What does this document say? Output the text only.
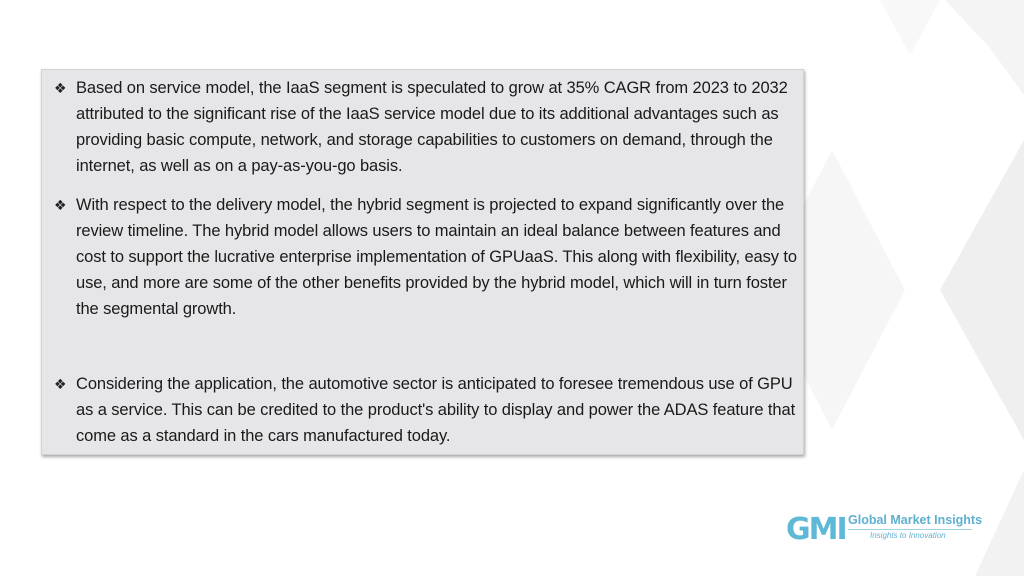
❖ Based on service model, the IaaS segment is speculated to grow at 35% CAGR from 2023 to 2032 attributed to the significant rise of the IaaS service model due to its additional advantages such as providing basic compute, network, and storage capabilities to customers on demand, through the internet, as well as on a pay-as-you-go basis.
❖ With respect to the delivery model, the hybrid segment is projected to expand significantly over the review timeline. The hybrid model allows users to maintain an ideal balance between features and cost to support the lucrative enterprise implementation of GPUaaS. This along with flexibility, easy to use, and more are some of the other benefits provided by the hybrid model, which will in turn foster the segmental growth.
❖ Considering the application, the automotive sector is anticipated to foresee tremendous use of GPU as a service. This can be credited to the product's ability to display and power the ADAS feature that come as a standard in the cars manufactured today.
GMI Global Market Insights
Insights to Innovation
